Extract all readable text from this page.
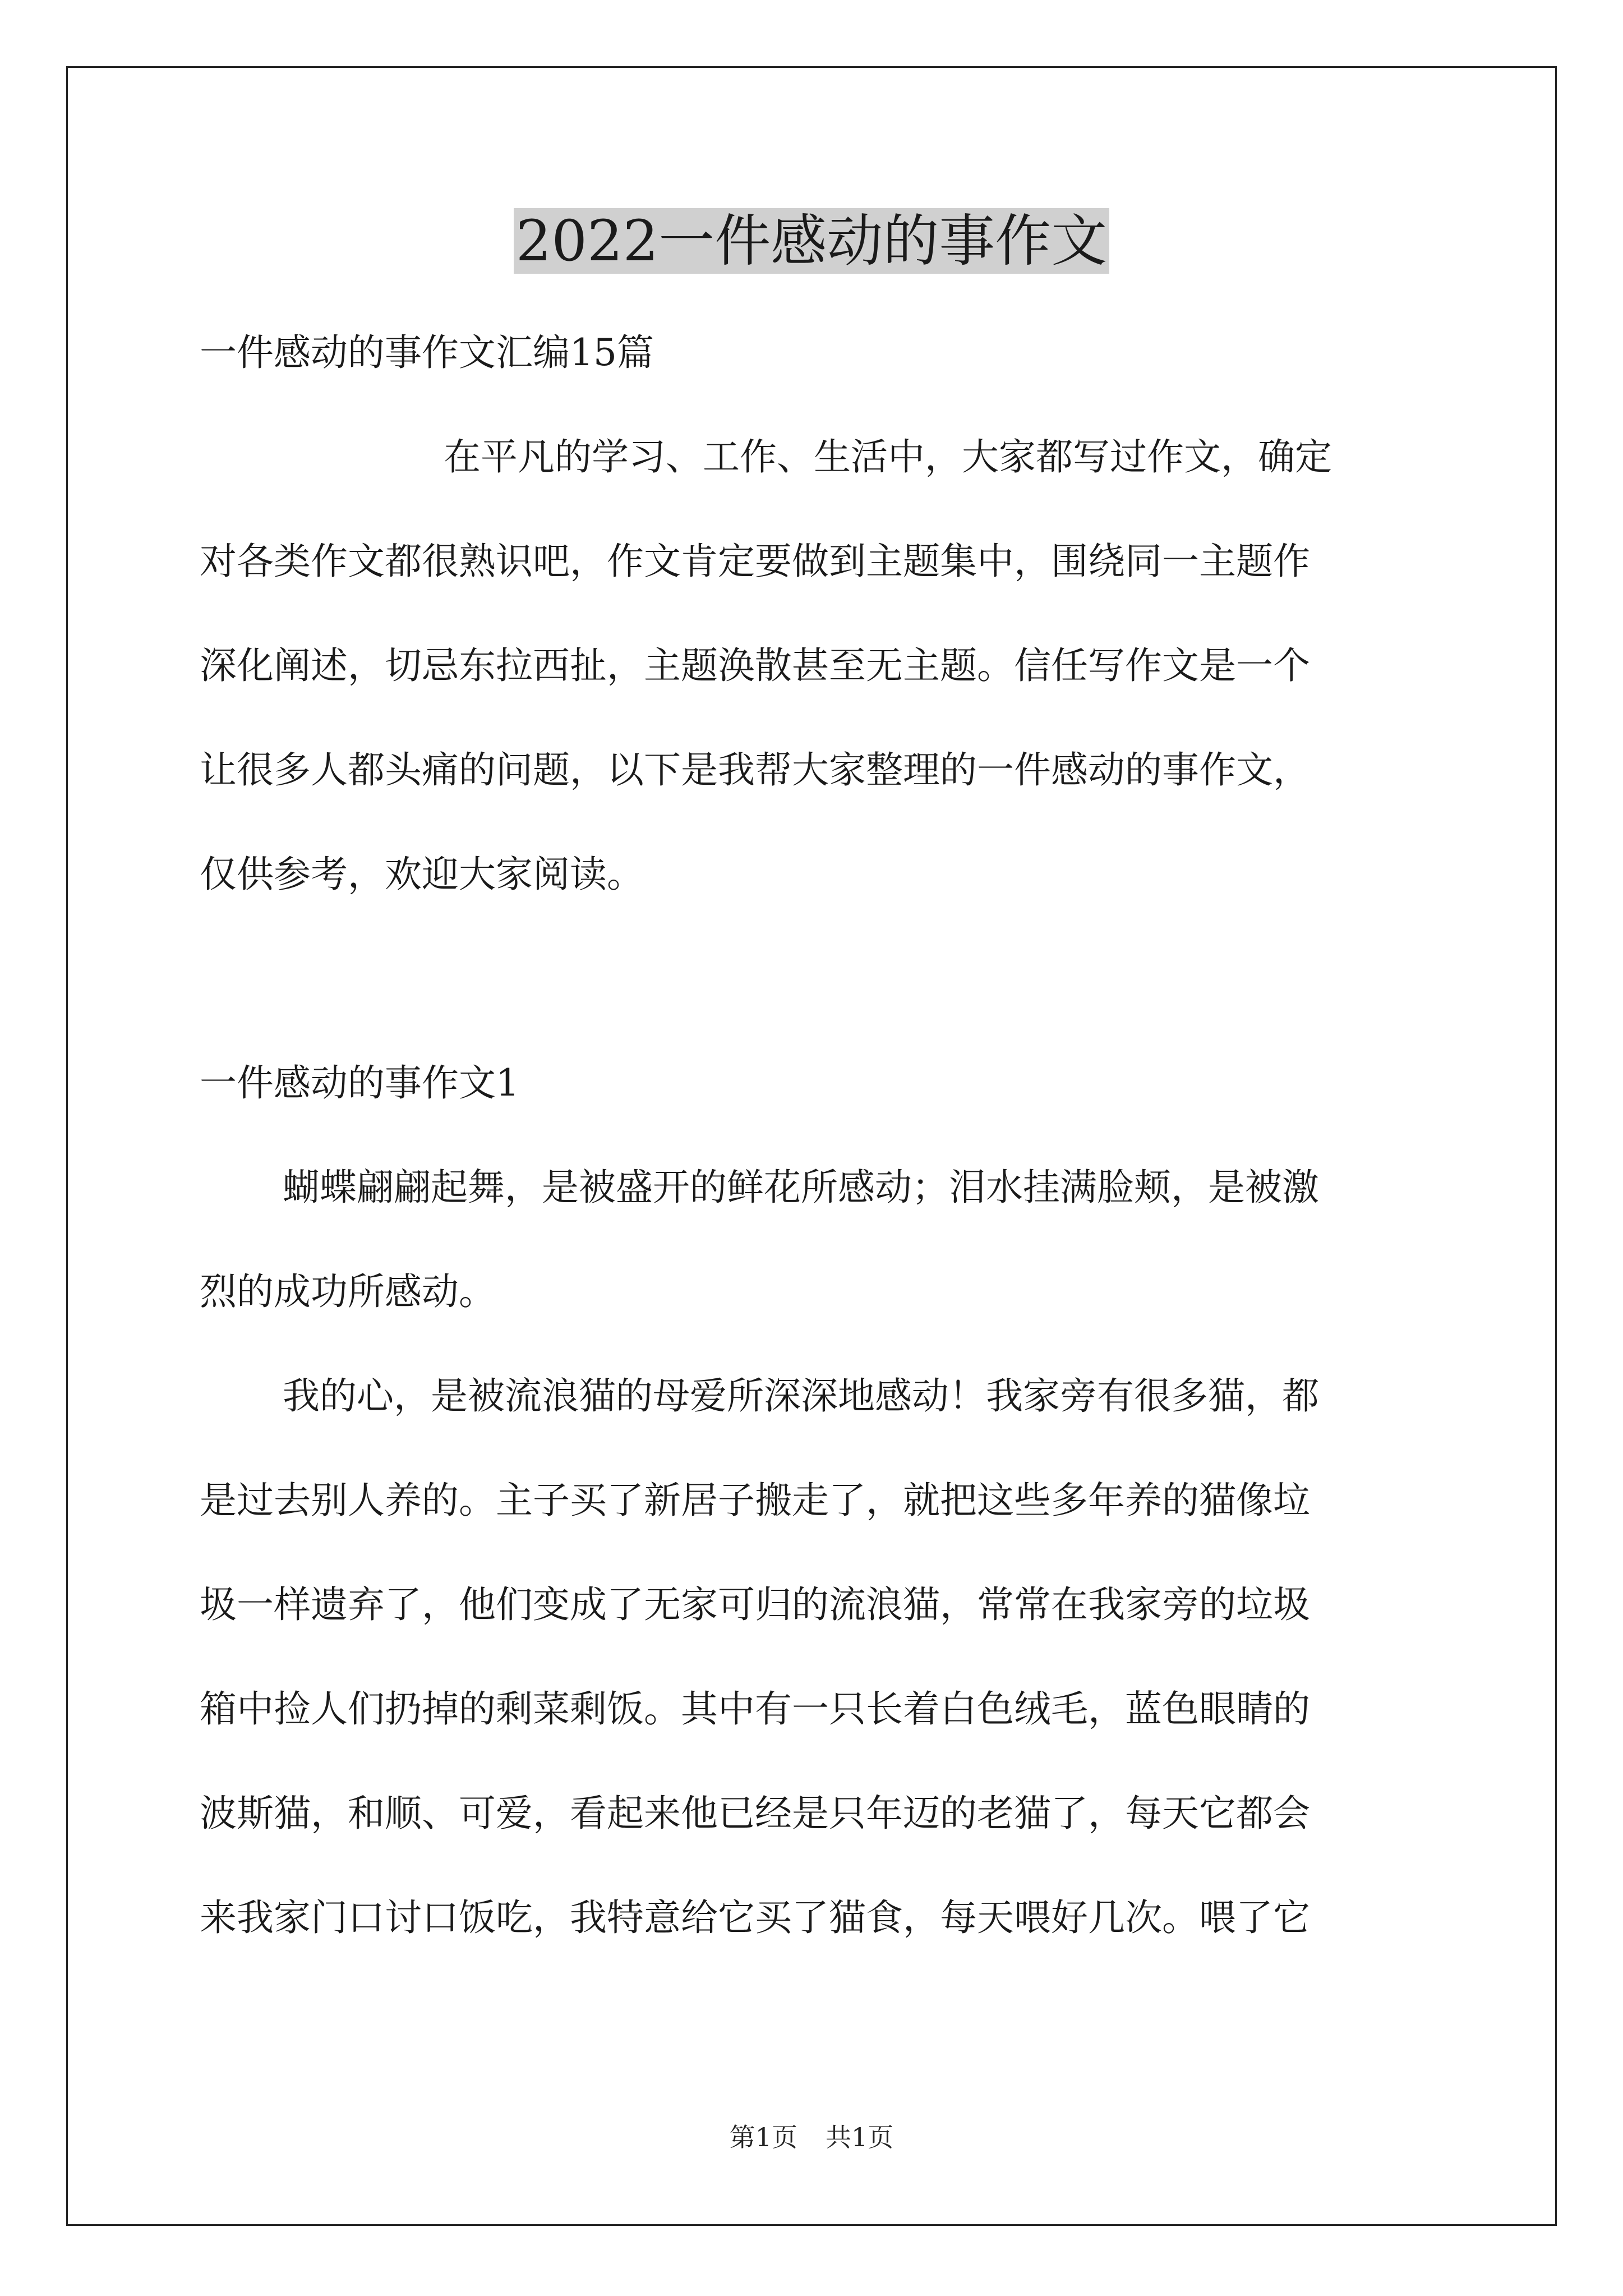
2022一件感动的事作文
一件感动的事作文汇编15篇
在平凡的学习、工作、生活中，大家都写过作文，确定
对各类作文都很熟识吧，作文肯定要做到主题集中，围绕同一主题作
深化阐述，切忌东拉西扯，主题涣散甚至无主题。信任写作文是一个
让很多人都头痛的问题，以下是我帮大家整理的一件感动的事作文，
仅供参考，欢迎大家阅读。
一件感动的事作文1
蝴蝶翩翩起舞，是被盛开的鲜花所感动；泪水挂满脸颊，是被激
烈的成功所感动。
我的心，是被流浪猫的母爱所深深地感动！我家旁有很多猫，都
是过去别人养的。主子买了新居子搬走了，就把这些多年养的猫像垃
圾一样遗弃了，他们变成了无家可归的流浪猫，常常在我家旁的垃圾
箱中捡人们扔掉的剩菜剩饭。其中有一只长着白色绒毛，蓝色眼睛的
波斯猫，和顺、可爱，看起来他已经是只年迈的老猫了，每天它都会
来我家门口讨口饭吃，我特意给它买了猫食，每天喂好几次。喂了它
第1页 共1页
